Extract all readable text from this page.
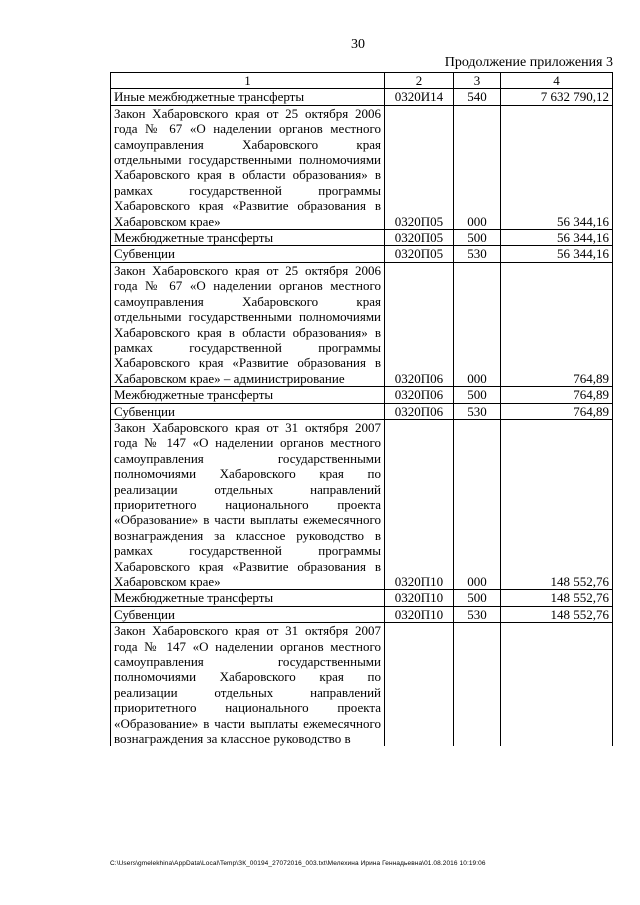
30
Продолжение приложения 3
1	2	3	4
Иные межбюджетные трансферты	0320И14	540	7 632 790,12
Закон Хабаровского края от 25 октября 2006 года № 67 «О наделении органов местного самоуправления Хабаровского края отдельными государственными полномочиями Хабаровского края в области образования» в рамках государственной программы Хабаровского края «Развитие образования в Хабаровском крае»	0320П05	000	56 344,16
Межбюджетные трансферты	0320П05	500	56 344,16
Субвенции	0320П05	530	56 344,16
Закон Хабаровского края от 25 октября 2006 года № 67 «О наделении органов местного самоуправления Хабаровского края отдельными государственными полномочиями Хабаровского края в области образования» в рамках государственной программы Хабаровского края «Развитие образования в Хабаровском крае» – администрирование	0320П06	000	764,89
Межбюджетные трансферты	0320П06	500	764,89
Субвенции	0320П06	530	764,89
Закон Хабаровского края от 31 октября 2007 года № 147 «О наделении органов местного самоуправления государственными полномочиями Хабаровского края по реализации отдельных направлений приоритетного национального проекта «Образование» в части выплаты ежемесячного вознаграждения за классное руководство в рамках государственной программы Хабаровского края «Развитие образования в Хабаровском крае»	0320П10	000	148 552,76
Межбюджетные трансферты	0320П10	500	148 552,76
Субвенции	0320П10	530	148 552,76
Закон Хабаровского края от 31 октября 2007 года № 147 «О наделении органов местного самоуправления государственными полномочиями Хабаровского края по реализации отдельных направлений приоритетного национального проекта «Образование» в части выплаты ежемесячного вознаграждения за классное руководство в			
C:\Users\gmelekhina\AppData\Local\Temp\ЗК_00194_27072016_003.txt\Мелехина Ирина Геннадьевна\01.08.2016 10:19:06
